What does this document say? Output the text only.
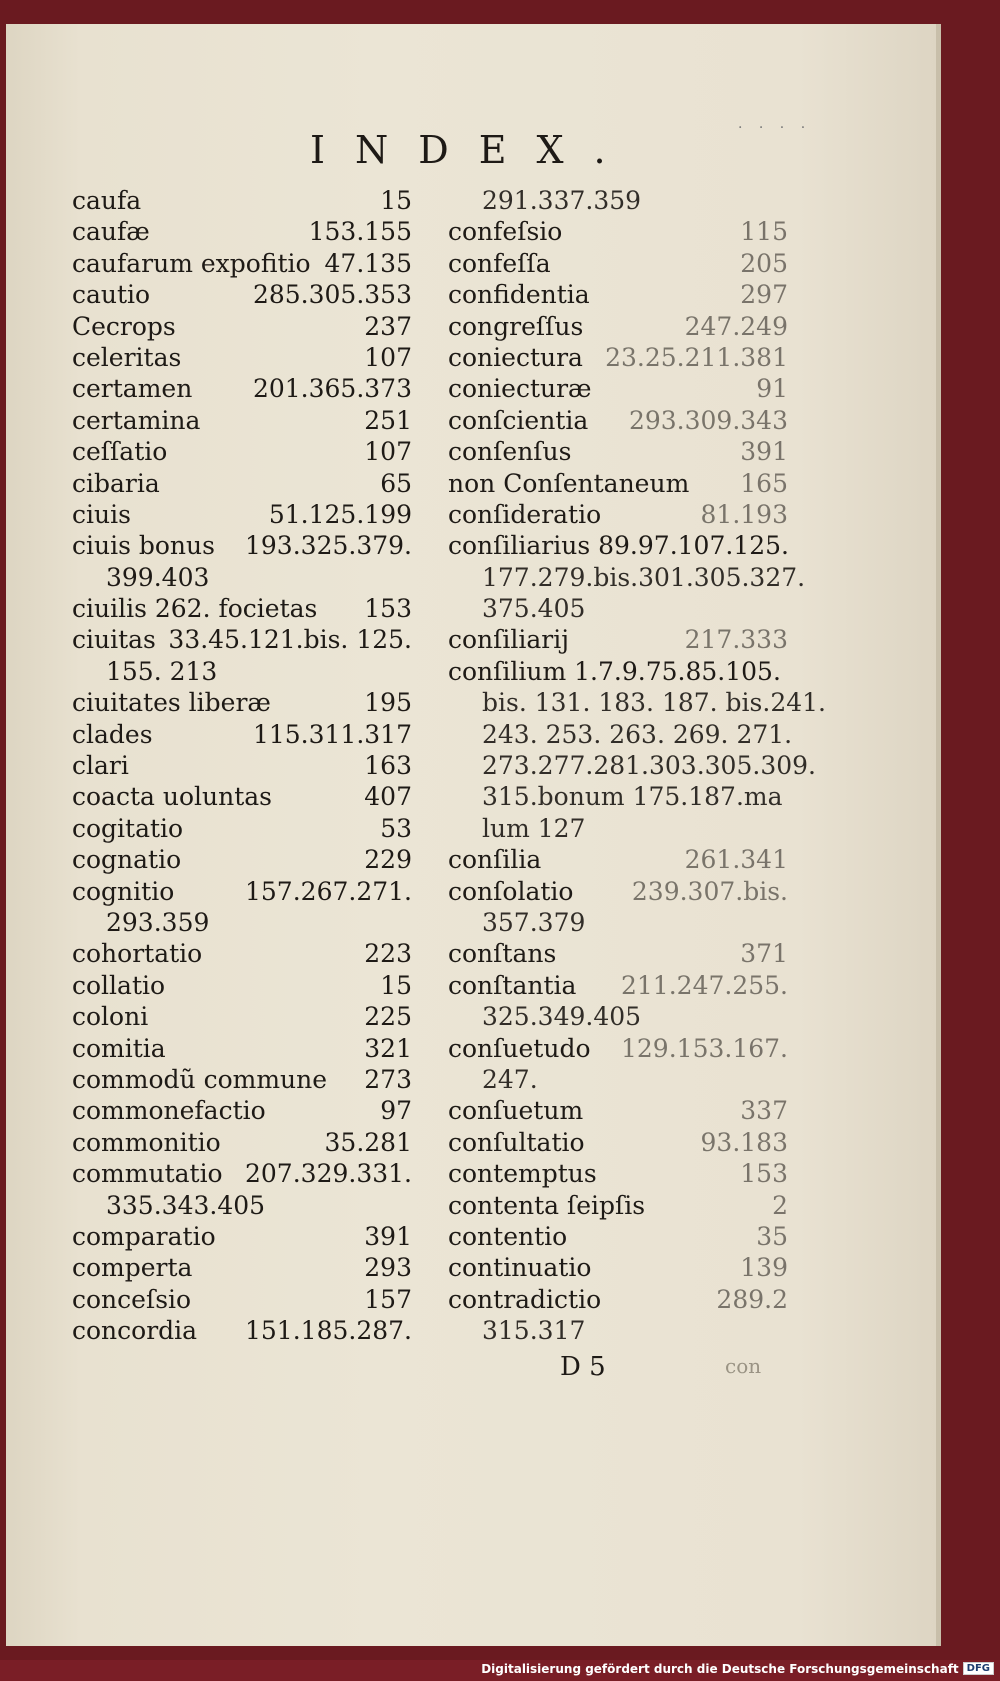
· · · ·
INDEX.
caufa	15
caufæ	153.155
caufarum expofitio 47.135
cautio	285.305.353
Cecrops	237
celeritas	107
certamen 201.365.373
certamina	251
ceſſatio	107
cibaria	65
ciuis	51.125.199
ciuis bonus 193.325.379.
399.403
ciuilis 262. focietas 153
ciuitas 33.45.121.bis. 125.
155. 213
ciuitates liberæ	195
clades	115.311.317
clari	163
coacta uoluntas	407
cogitatio	53
cognatio	229
cognitio	157.267.271.
293.359
cohortatio	223
collatio	15
coloni	225
comitia	321
commodũ commune 273
commonefactio	97
commonitio	35.281
commutatio 207.329.331.
335.343.405
comparatio	391
comperta	293
conceſsio	157
concordia 151.185.287.
291.337.359
confeſsio	115
confeſſa	205
confidentia	297
congreſſus	247.249
coniectura 23.25.211.381
coniecturæ	91
conſcientia 293.309.343
conſenſus	391
non Conſentaneum 165
conſideratio	81.193
conſiliarius 89.97.107.125.
177.279.bis.301.305.327.
375.405
conſiliarij	217.333
conſilium 1.7.9.75.85.105.
bis. 131. 183. 187. bis.241.
243. 253. 263. 269. 271.
273.277.281.303.305.309.
315.bonum 175.187.ma
lum 127
conſilia	261.341
conſolatio 239.307.bis.
357.379
conſtans	371
conſtantia 211.247.255.
325.349.405
conſuetudo 129.153.167.
247.
conſuetum	337
conſultatio	93.183
contemptus	153
contenta ſeipſis	2
contentio	35
continuatio	139
contradictio	289.2
315.317
D 5	con
Digitalisierung gefördert durch die Deutsche Forschungsgemeinschaft DFG
